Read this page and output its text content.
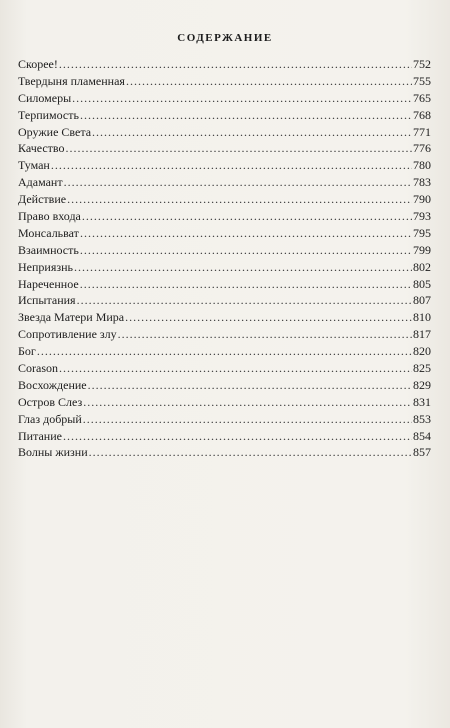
СОДЕРЖАНИЕ
Скорее! .....	752
Твердыня пламенная .....	755
Силомеры .....	765
Терпимость .....	768
Оружие Света .....	771
Качество .....	776
Туман .....	780
Адамант .....	783
Действие .....	790
Право входа .....	793
Монсальват .....	795
Взаимность .....	799
Неприязнь .....	802
Нареченное .....	805
Испытания .....	807
Звезда Матери Мира .....	810
Сопротивление злу .....	817
Бог .....	820
Corason .....	825
Восхождение .....	829
Остров Слез .....	831
Глаз добрый .....	853
Питание .....	854
Волны жизни .....	857
